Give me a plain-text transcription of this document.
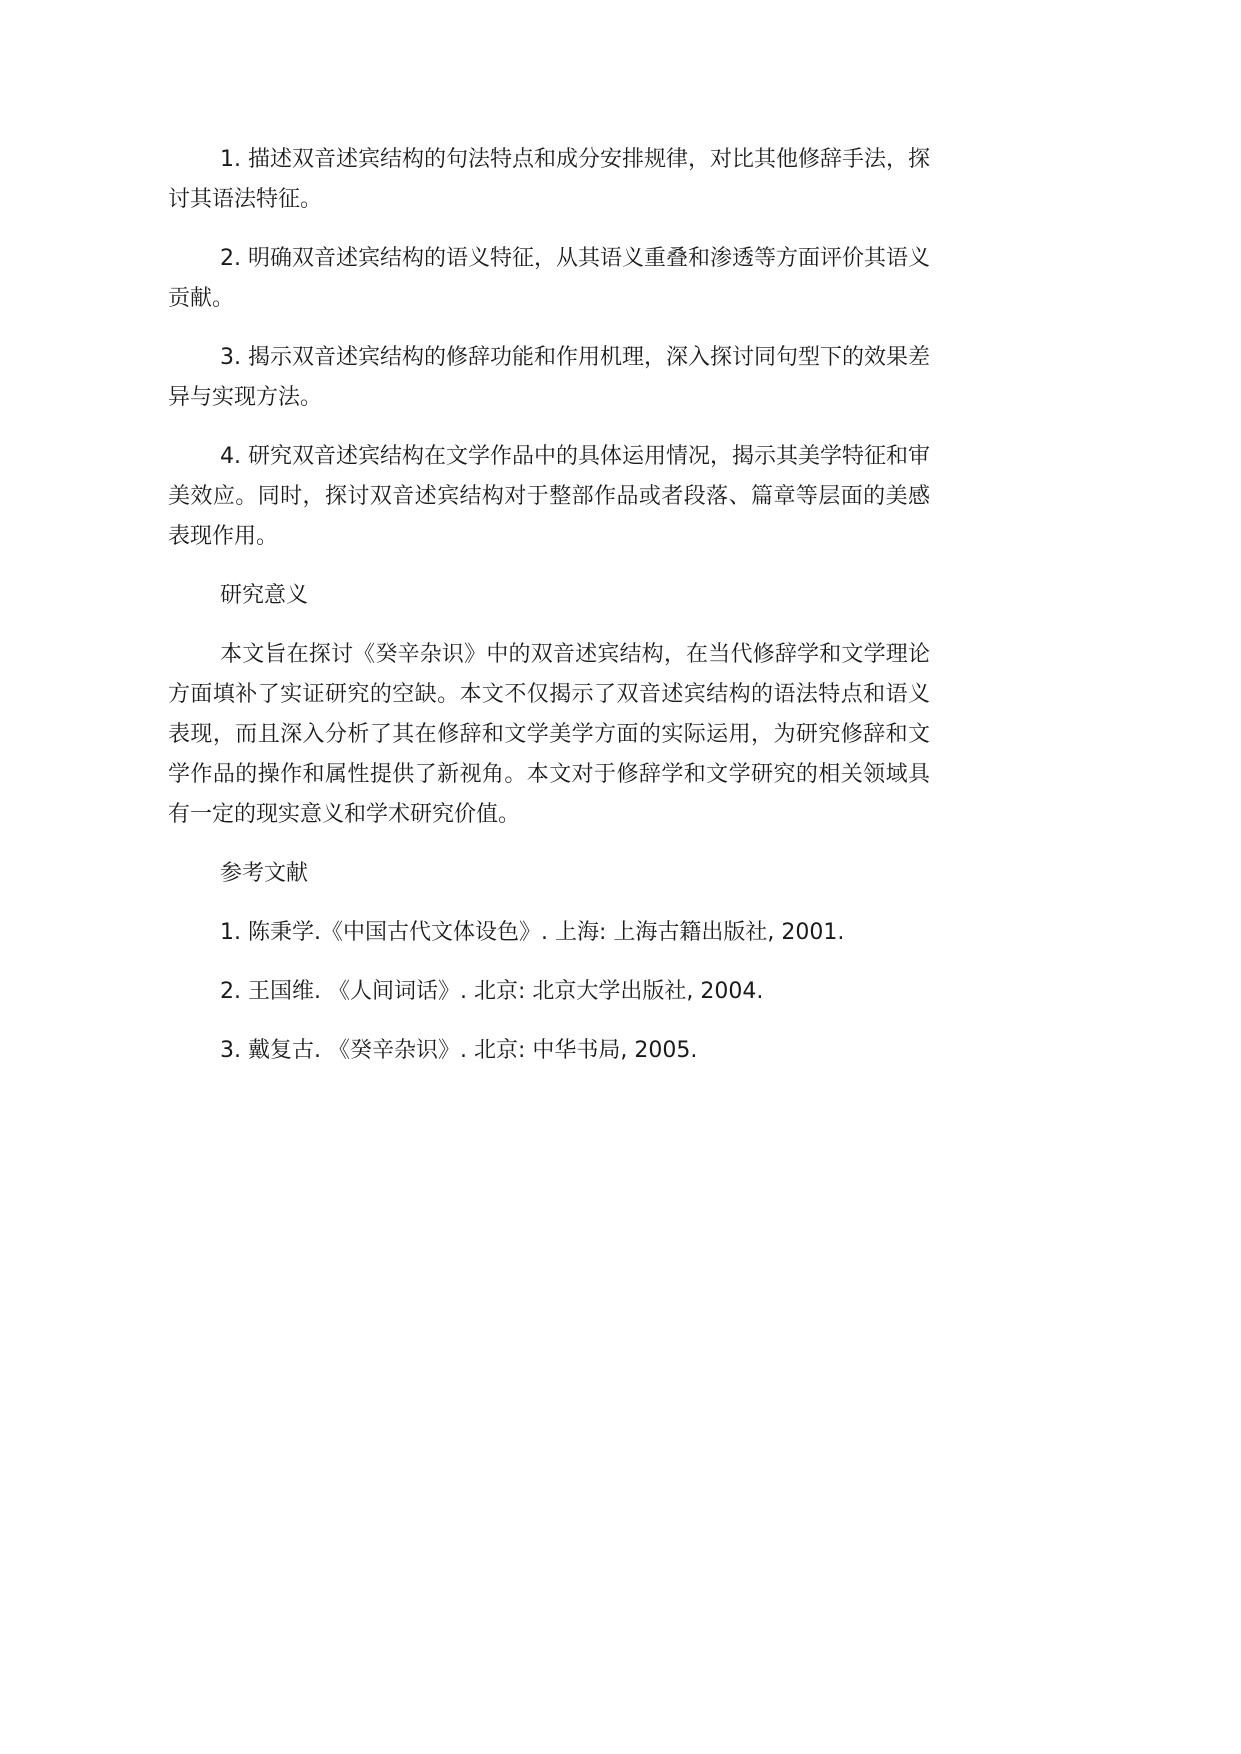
1. 描述双音述宾结构的句法特点和成分安排规律，对比其他修辞手法，探讨其语法特征。

2. 明确双音述宾结构的语义特征，从其语义重叠和渗透等方面评价其语义贡献。

3. 揭示双音述宾结构的修辞功能和作用机理，深入探讨同句型下的效果差异与实现方法。

4. 研究双音述宾结构在文学作品中的具体运用情况，揭示其美学特征和审美效应。同时，探讨双音述宾结构对于整部作品或者段落、篇章等层面的美感表现作用。

研究意义

本文旨在探讨《癸辛杂识》中的双音述宾结构，在当代修辞学和文学理论方面填补了实证研究的空缺。本文不仅揭示了双音述宾结构的语法特点和语义表现，而且深入分析了其在修辞和文学美学方面的实际运用，为研究修辞和文学作品的操作和属性提供了新视角。本文对于修辞学和文学研究的相关领域具有一定的现实意义和学术研究价值。

参考文献

1. 陈秉学.《中国古代文体设色》. 上海: 上海古籍出版社, 2001.

2. 王国维. 《人间词话》. 北京: 北京大学出版社, 2004.

3. 戴复古. 《癸辛杂识》. 北京: 中华书局, 2005.
